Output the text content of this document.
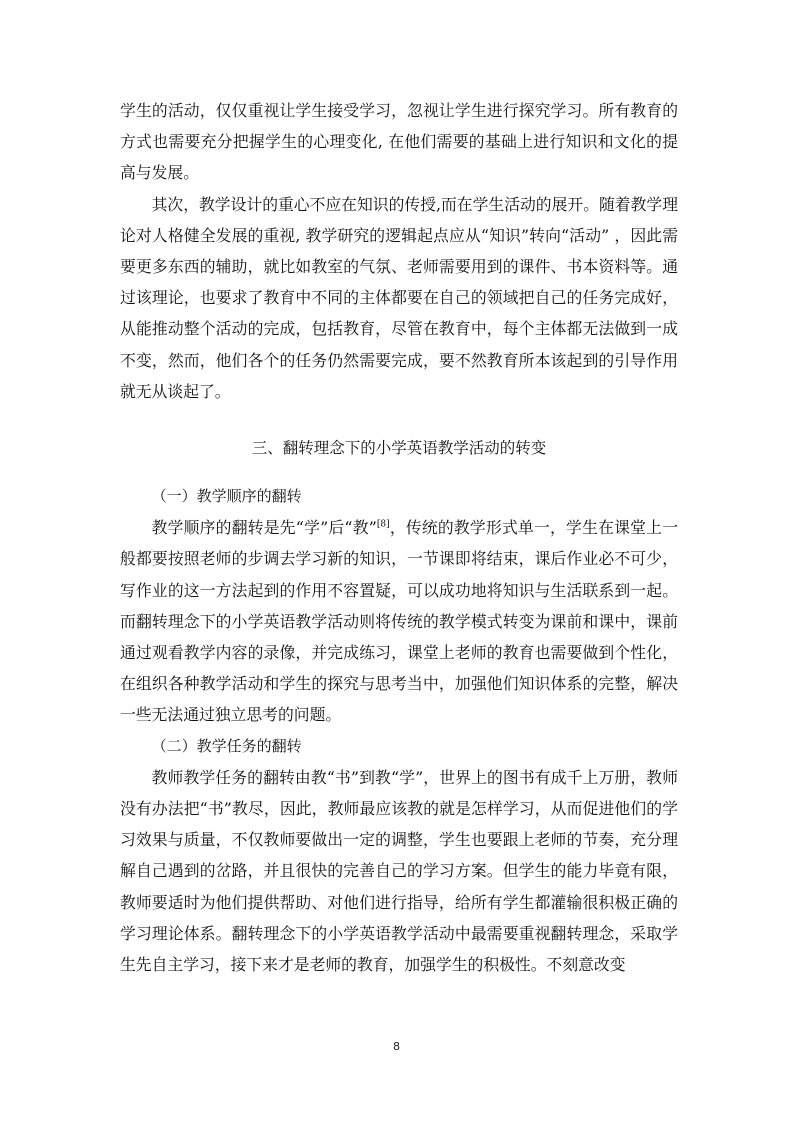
学生的活动，仅仅重视让学生接受学习，忽视让学生进行探究学习。所有教育的方式也需要充分把握学生的心理变化, 在他们需要的基础上进行知识和文化的提高与发展。

其次，教学设计的重心不应在知识的传授,而在学生活动的展开。随着教学理论对人格健全发展的重视, 教学研究的逻辑起点应从“知识”转向“活动” ，因此需要更多东西的辅助，就比如教室的气氛、老师需要用到的课件、书本资料等。通过该理论，也要求了教育中不同的主体都要在自己的领域把自己的任务完成好，从能推动整个活动的完成，包括教育，尽管在教育中，每个主体都无法做到一成不变，然而，他们各个的任务仍然需要完成，要不然教育所本该起到的引导作用就无从谈起了。

三、翻转理念下的小学英语教学活动的转变
（一）教学顺序的翻转

教学顺序的翻转是先“学”后“教”[8]，传统的教学形式单一，学生在课堂上一般都要按照老师的步调去学习新的知识，一节课即将结束，课后作业必不可少，写作业的这一方法起到的作用不容置疑，可以成功地将知识与生活联系到一起。而翻转理念下的小学英语教学活动则将传统的教学模式转变为课前和课中，课前通过观看教学内容的录像，并完成练习，课堂上老师的教育也需要做到个性化，在组织各种教学活动和学生的探究与思考当中，加强他们知识体系的完整，解决一些无法通过独立思考的问题。

（二）教学任务的翻转

教师教学任务的翻转由教“书”到教“学”，世界上的图书有成千上万册，教师没有办法把“书”教尽，因此，教师最应该教的就是怎样学习，从而促进他们的学习效果与质量，不仅教师要做出一定的调整，学生也要跟上老师的节奏，充分理解自己遇到的岔路，并且很快的完善自己的学习方案。但学生的能力毕竟有限，教师要适时为他们提供帮助、对他们进行指导，给所有学生都灌输很积极正确的学习理论体系。翻转理念下的小学英语教学活动中最需要重视翻转理念，采取学生先自主学习，接下来才是老师的教育，加强学生的积极性。不刻意改变

8
